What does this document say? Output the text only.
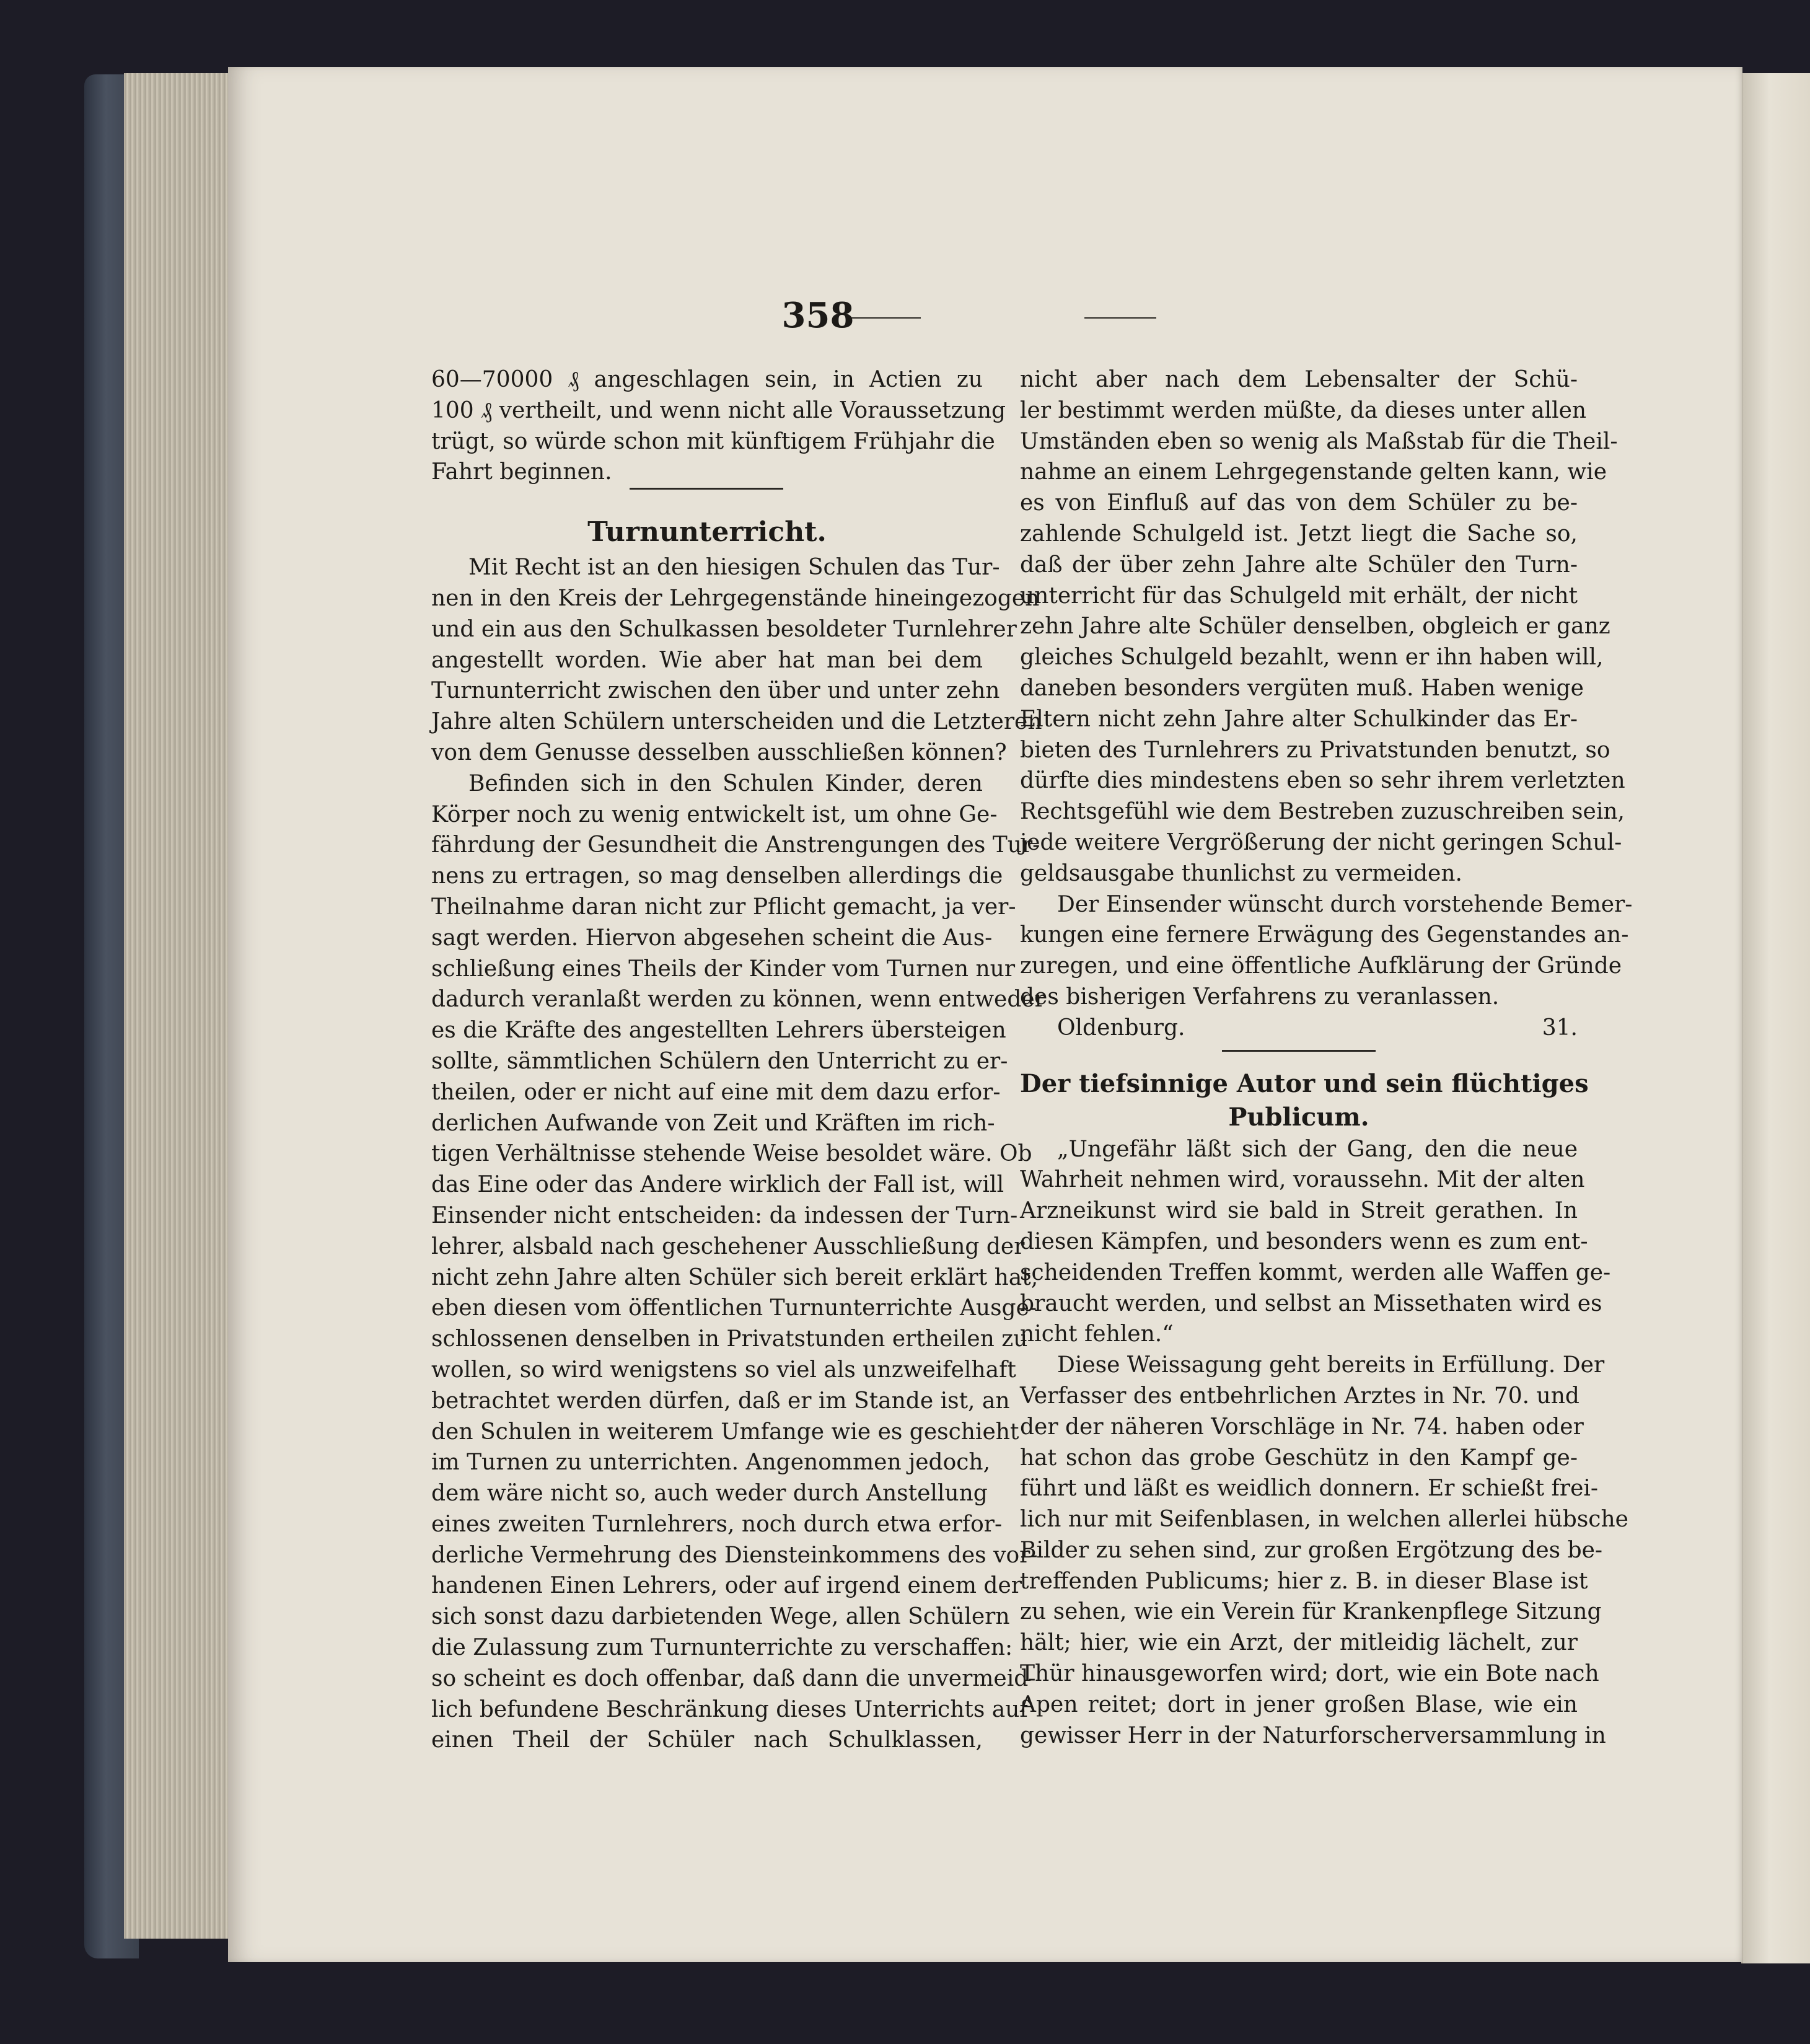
358
60—70000 ₰ angeschlagen sein, in Actien zu
100 ₰ vertheilt, und wenn nicht alle Voraussetzung
trügt, so würde schon mit künftigem Frühjahr die
Fahrt beginnen.
Turnunterricht.
Mit Recht ist an den hiesigen Schulen das Tur-
nen in den Kreis der Lehrgegenstände hineingezogen
und ein aus den Schulkassen besoldeter Turnlehrer
angestellt worden. Wie aber hat man bei dem
Turnunterricht zwischen den über und unter zehn
Jahre alten Schülern unterscheiden und die Letzteren
von dem Genusse desselben ausschließen können?
Befinden sich in den Schulen Kinder, deren
Körper noch zu wenig entwickelt ist, um ohne Ge-
fährdung der Gesundheit die Anstrengungen des Tur-
nens zu ertragen, so mag denselben allerdings die
Theilnahme daran nicht zur Pflicht gemacht, ja ver-
sagt werden. Hiervon abgesehen scheint die Aus-
schließung eines Theils der Kinder vom Turnen nur
dadurch veranlaßt werden zu können, wenn entweder
es die Kräfte des angestellten Lehrers übersteigen
sollte, sämmtlichen Schülern den Unterricht zu er-
theilen, oder er nicht auf eine mit dem dazu erfor-
derlichen Aufwande von Zeit und Kräften im rich-
tigen Verhältnisse stehende Weise besoldet wäre. Ob
das Eine oder das Andere wirklich der Fall ist, will
Einsender nicht entscheiden: da indessen der Turn-
lehrer, alsbald nach geschehener Ausschließung der
nicht zehn Jahre alten Schüler sich bereit erklärt hat,
eben diesen vom öffentlichen Turnunterrichte Ausge-
schlossenen denselben in Privatstunden ertheilen zu
wollen, so wird wenigstens so viel als unzweifelhaft
betrachtet werden dürfen, daß er im Stande ist, an
den Schulen in weiterem Umfange wie es geschieht
im Turnen zu unterrichten. Angenommen jedoch,
dem wäre nicht so, auch weder durch Anstellung
eines zweiten Turnlehrers, noch durch etwa erfor-
derliche Vermehrung des Diensteinkommens des vor-
handenen Einen Lehrers, oder auf irgend einem der
sich sonst dazu darbietenden Wege, allen Schülern
die Zulassung zum Turnunterrichte zu verschaffen:
so scheint es doch offenbar, daß dann die unvermeid-
lich befundene Beschränkung dieses Unterrichts auf
einen Theil der Schüler nach Schulklassen,
nicht aber nach dem Lebensalter der Schü-
ler bestimmt werden müßte, da dieses unter allen
Umständen eben so wenig als Maßstab für die Theil-
nahme an einem Lehrgegenstande gelten kann, wie
es von Einfluß auf das von dem Schüler zu be-
zahlende Schulgeld ist. Jetzt liegt die Sache so,
daß der über zehn Jahre alte Schüler den Turn-
unterricht für das Schulgeld mit erhält, der nicht
zehn Jahre alte Schüler denselben, obgleich er ganz
gleiches Schulgeld bezahlt, wenn er ihn haben will,
daneben besonders vergüten muß. Haben wenige
Eltern nicht zehn Jahre alter Schulkinder das Er-
bieten des Turnlehrers zu Privatstunden benutzt, so
dürfte dies mindestens eben so sehr ihrem verletzten
Rechtsgefühl wie dem Bestreben zuzuschreiben sein,
jede weitere Vergrößerung der nicht geringen Schul-
geldsausgabe thunlichst zu vermeiden.
Der Einsender wünscht durch vorstehende Bemer-
kungen eine fernere Erwägung des Gegenstandes an-
zuregen, und eine öffentliche Aufklärung der Gründe
des bisherigen Verfahrens zu veranlassen.
Oldenburg.	31.
Der tiefsinnige Autor und sein flüchtiges
Publicum.
„Ungefähr läßt sich der Gang, den die neue
Wahrheit nehmen wird, voraussehn. Mit der alten
Arzneikunst wird sie bald in Streit gerathen. In
diesen Kämpfen, und besonders wenn es zum ent-
scheidenden Treffen kommt, werden alle Waffen ge-
braucht werden, und selbst an Missethaten wird es
nicht fehlen.“
Diese Weissagung geht bereits in Erfüllung. Der
Verfasser des entbehrlichen Arztes in Nr. 70. und
der der näheren Vorschläge in Nr. 74. haben oder
hat schon das grobe Geschütz in den Kampf ge-
führt und läßt es weidlich donnern. Er schießt frei-
lich nur mit Seifenblasen, in welchen allerlei hübsche
Bilder zu sehen sind, zur großen Ergötzung des be-
treffenden Publicums; hier z. B. in dieser Blase ist
zu sehen, wie ein Verein für Krankenpflege Sitzung
hält; hier, wie ein Arzt, der mitleidig lächelt, zur
Thür hinausgeworfen wird; dort, wie ein Bote nach
Apen reitet; dort in jener großen Blase, wie ein
gewisser Herr in der Naturforscherversammlung in
